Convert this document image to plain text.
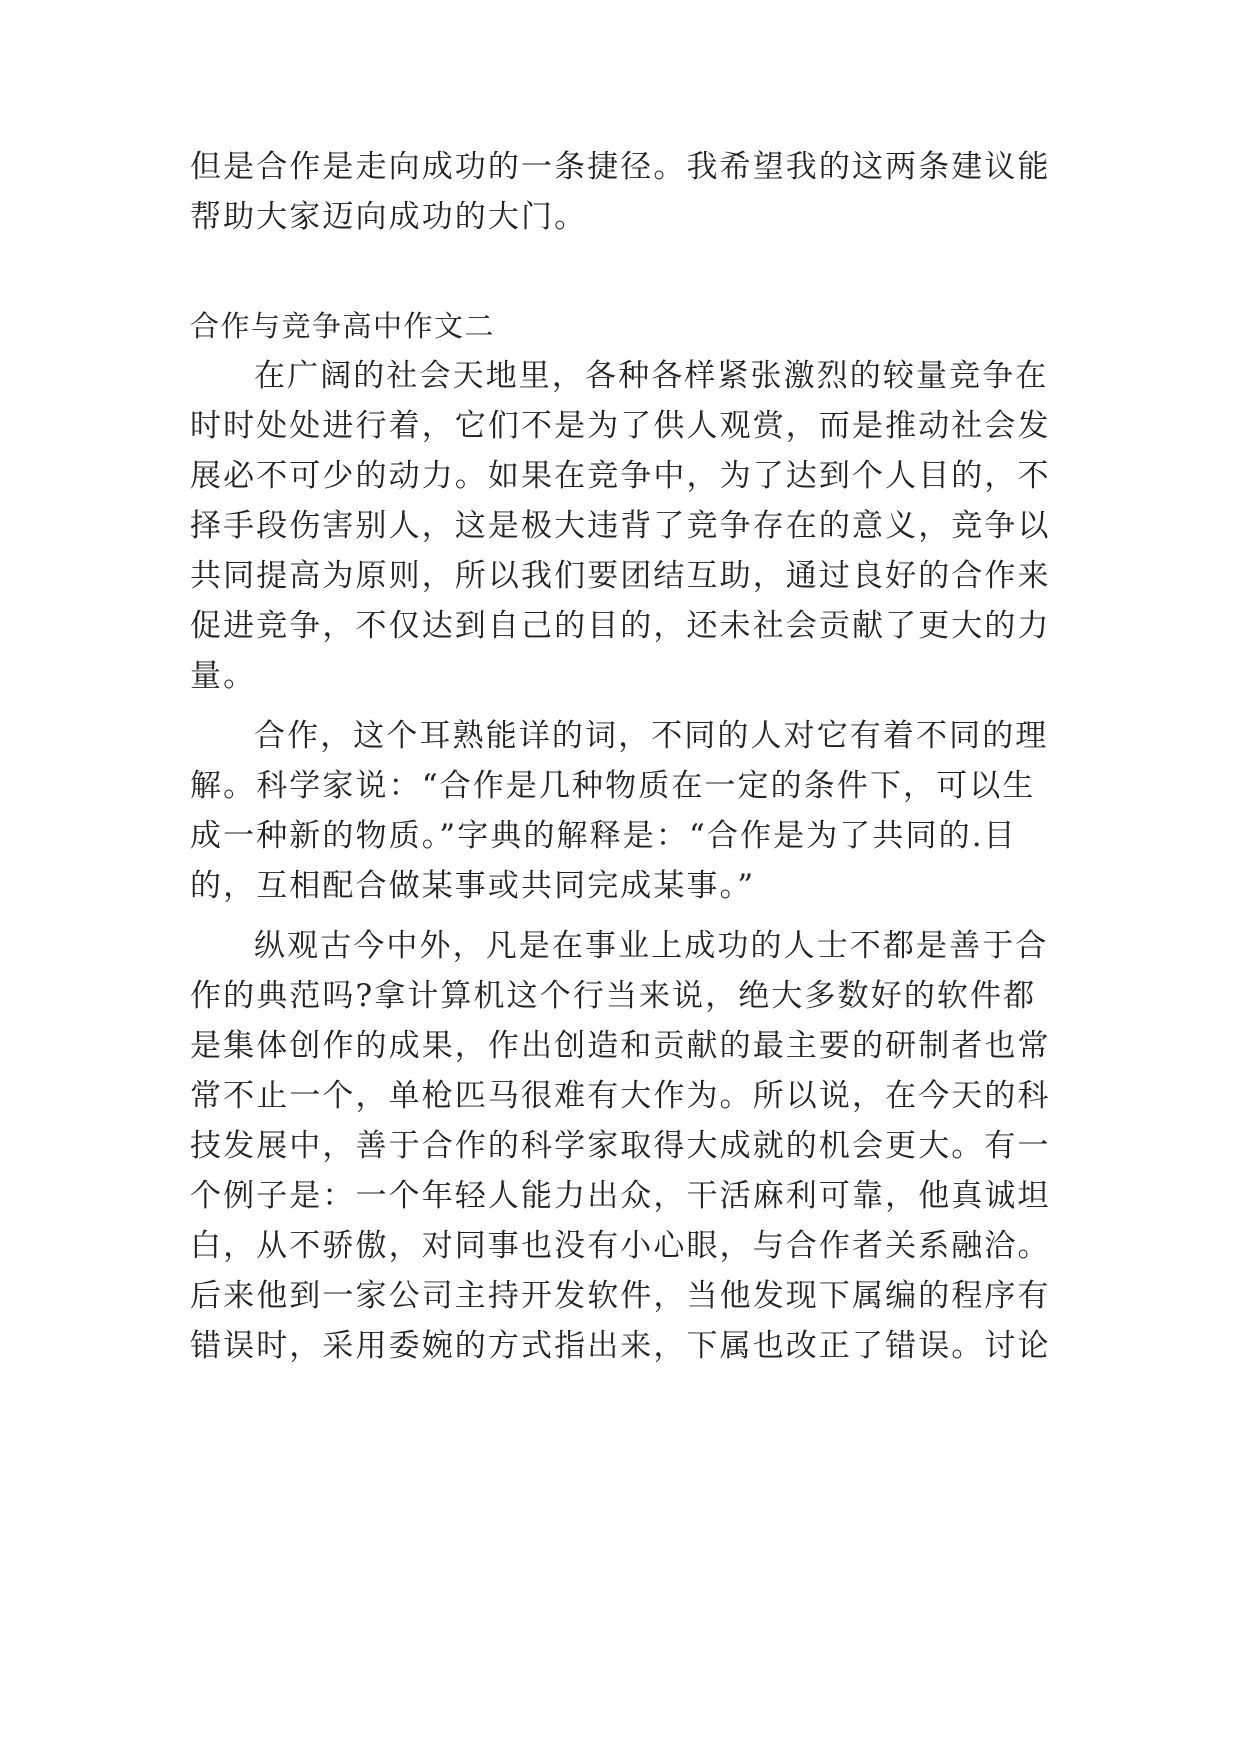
但是合作是走向成功的一条捷径。我希望我的这两条建议能
帮助大家迈向成功的大门。
合作与竞争高中作文二
在广阔的社会天地里，各种各样紧张激烈的较量竞争在
时时处处进行着，它们不是为了供人观赏，而是推动社会发
展必不可少的动力。如果在竞争中，为了达到个人目的，不
择手段伤害别人，这是极大违背了竞争存在的意义，竞争以
共同提高为原则，所以我们要团结互助，通过良好的合作来
促进竞争，不仅达到自己的目的，还未社会贡献了更大的力
量。
合作，这个耳熟能详的词，不同的人对它有着不同的理
解。科学家说：“合作是几种物质在一定的条件下，可以生
成一种新的物质。”字典的解释是：“合作是为了共同的.目
的，互相配合做某事或共同完成某事。”
纵观古今中外，凡是在事业上成功的人士不都是善于合
作的典范吗?拿计算机这个行当来说，绝大多数好的软件都
是集体创作的成果，作出创造和贡献的最主要的研制者也常
常不止一个，单枪匹马很难有大作为。所以说，在今天的科
技发展中，善于合作的科学家取得大成就的机会更大。有一
个例子是：一个年轻人能力出众，干活麻利可靠，他真诚坦
白，从不骄傲，对同事也没有小心眼，与合作者关系融洽。
后来他到一家公司主持开发软件，当他发现下属编的程序有
错误时，采用委婉的方式指出来，下属也改正了错误。讨论
